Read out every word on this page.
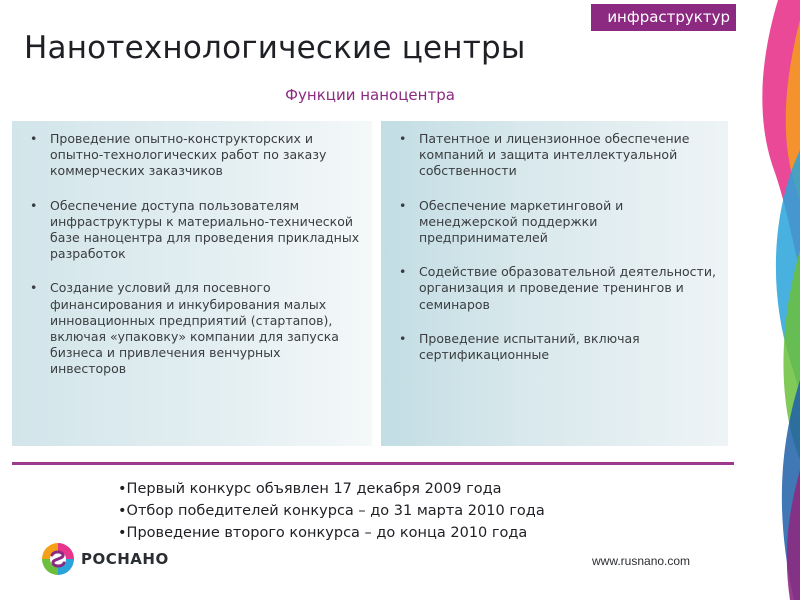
инфраструктур
Нанотехнологические центры
Функции наноцентра
• Проведение опытно-конструкторских и опытно-технологических работ по заказу коммерческих заказчиков
• Обеспечение доступа пользователям инфраструктуры к материально-технической базе наноцентра для проведения прикладных разработок
• Создание условий для посевного финансирования и инкубирования малых инновационных предприятий (стартапов), включая «упаковку» компании для запуска бизнеса и привлечения венчурных инвесторов
• Патентное и лицензионное обеспечение компаний и защита интеллектуальной собственности
• Обеспечение маркетинговой и менеджерской поддержки предпринимателей
• Содействие образовательной деятельности, организация и проведение тренингов и семинаров
• Проведение испытаний, включая сертификационные
•Первый конкурс объявлен 17 декабря 2009 года
•Отбор победителей конкурса – до 31 марта 2010 года
•Проведение второго конкурса – до конца 2010 года
РОСНАНО	www.rusnano.com
